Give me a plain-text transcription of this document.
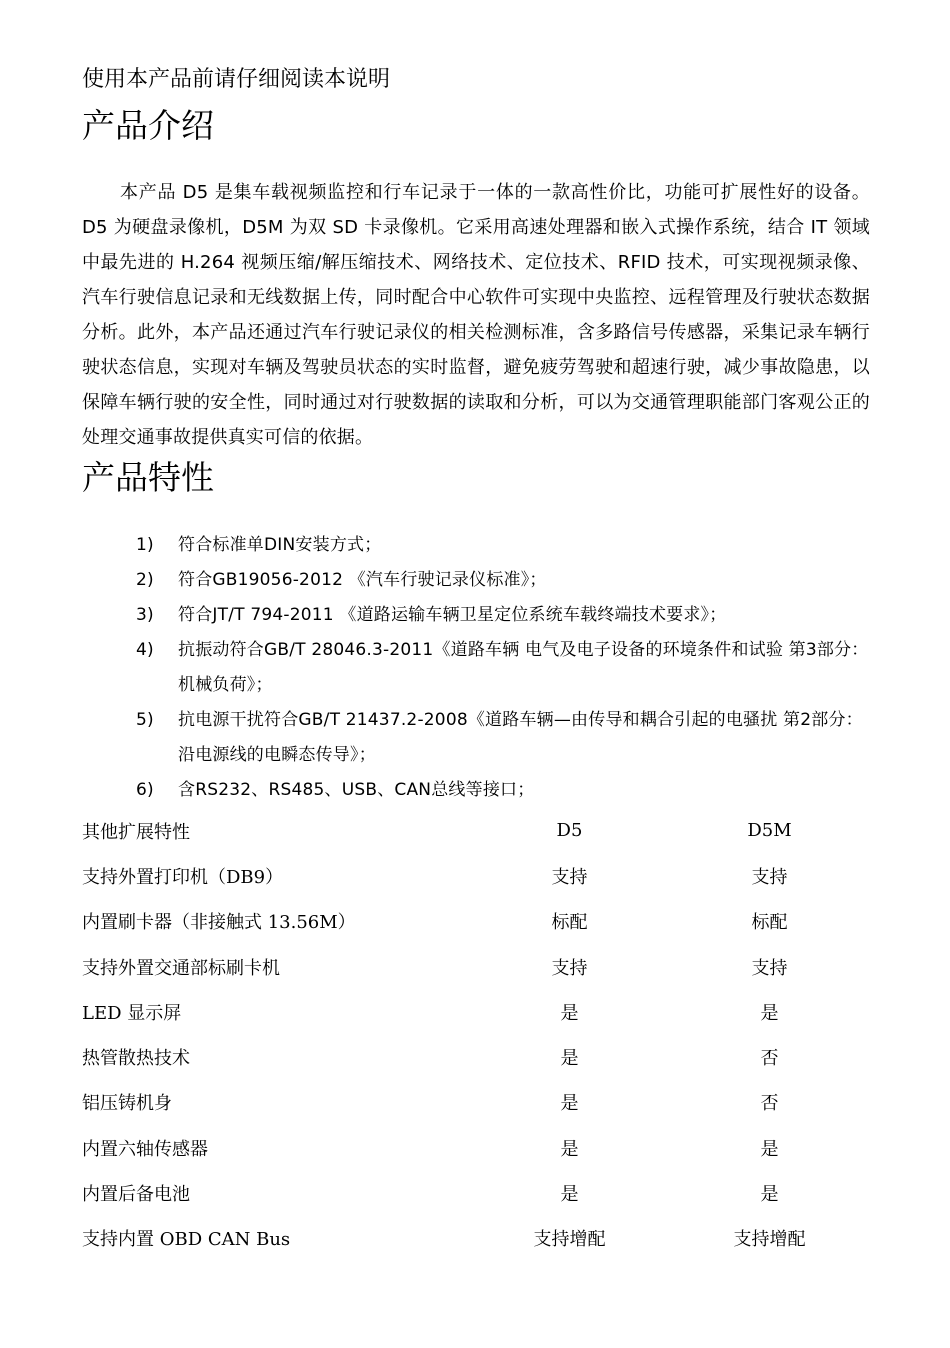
使用本产品前请仔细阅读本说明
产品介绍

本产品 D5 是集车载视频监控和行车记录于一体的一款高性价比，功能可扩展性好的设备。D5 为硬盘录像机，D5M 为双 SD 卡录像机。它采用高速处理器和嵌入式操作系统，结合 IT 领域中最先进的 H.264 视频压缩/解压缩技术、网络技术、定位技术、RFID 技术，可实现视频录像、汽车行驶信息记录和无线数据上传，同时配合中心软件可实现中央监控、远程管理及行驶状态数据分析。此外，本产品还通过汽车行驶记录仪的相关检测标准，含多路信号传感器，采集记录车辆行驶状态信息，实现对车辆及驾驶员状态的实时监督，避免疲劳驾驶和超速行驶，减少事故隐患，以保障车辆行驶的安全性，同时通过对行驶数据的读取和分析，可以为交通管理职能部门客观公正的处理交通事故提供真实可信的依据。

产品特性
1) 符合标准单DIN安装方式；
2) 符合GB19056-2012 《汽车行驶记录仪标准》；
3) 符合JT/T 794-2011 《道路运输车辆卫星定位系统车载终端技术要求》；
4) 抗振动符合GB/T 28046.3-2011《道路车辆 电气及电子设备的环境条件和试验 第3部分：机械负荷》；
5) 抗电源干扰符合GB/T 21437.2-2008《道路车辆—由传导和耦合引起的电骚扰 第2部分：沿电源线的电瞬态传导》；
6) 含RS232、RS485、USB、CAN总线等接口；
其他扩展特性	D5	D5M
支持外置打印机（DB9）	支持	支持
内置刷卡器（非接触式 13.56M）	标配	标配
支持外置交通部标刷卡机	支持	支持
LED 显示屏	是	是
热管散热技术	是	否
铝压铸机身	是	否
内置六轴传感器	是	是
内置后备电池	是	是
支持内置 OBD CAN Bus	支持增配	支持增配
